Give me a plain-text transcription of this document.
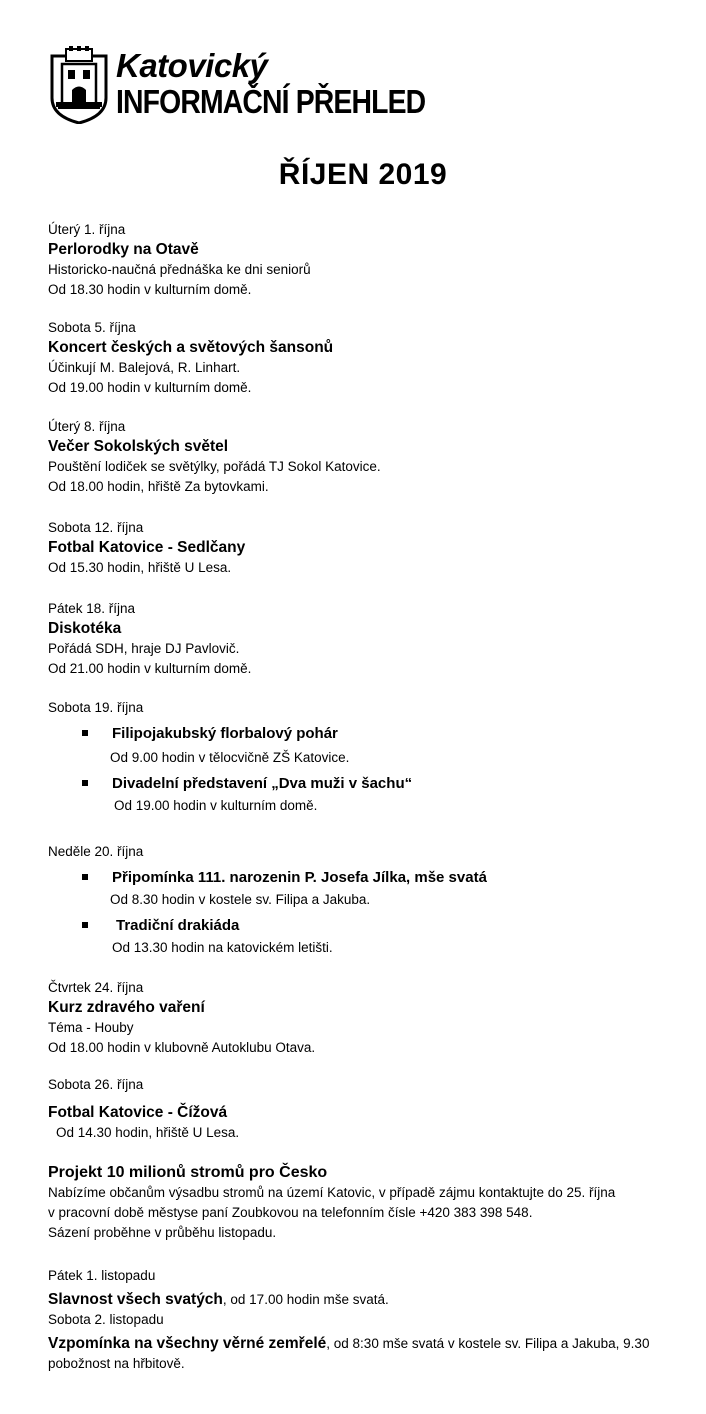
Katovický
INFORMAČNÍ PŘEHLED
ŘÍJEN 2019
Úterý 1. října
Perlorodky na Otavě
Historicko-naučná přednáška ke dni seniorů
Od 18.30 hodin v kulturním domě.
Sobota 5. října
Koncert českých a světových šansonů
Účinkují M. Balejová, R. Linhart.
Od 19.00 hodin v kulturním domě.
Úterý 8. října
Večer Sokolských světel
Pouštění lodiček se světýlky, pořádá TJ Sokol Katovice.
Od 18.00 hodin, hřiště Za bytovkami.
Sobota 12. října
Fotbal Katovice - Sedlčany
Od 15.30 hodin, hřiště U Lesa.
Pátek 18. října
Diskotéka
Pořádá SDH, hraje DJ Pavlovič.
Od 21.00 hodin v kulturním domě.
Sobota 19. října
Filipojakubský florbalový pohár
Od 9.00 hodin v tělocvičně ZŠ Katovice.
Divadelní představení „Dva muži v šachu“
Od 19.00 hodin v kulturním domě.
Neděle 20. října
Připomínka 111. narozenin P. Josefa Jílka, mše svatá
Od 8.30 hodin v kostele sv. Filipa a Jakuba.
Tradiční drakiáda
Od 13.30 hodin na katovickém letišti.
Čtvrtek 24. října
Kurz zdravého vaření
Téma - Houby
Od 18.00 hodin v klubovně Autoklubu Otava.
Sobota 26. října
Fotbal Katovice - Čížová
Od 14.30 hodin, hřiště U Lesa.
Projekt 10 milionů stromů pro Česko
Nabízíme občanům výsadbu stromů na území Katovic, v případě zájmu kontaktujte do 25. října
v pracovní době městyse paní Zoubkovou na telefonním čísle +420 383 398 548.
Sázení proběhne v průběhu listopadu.
Pátek 1. listopadu
Slavnost všech svatých, od 17.00 hodin mše svatá.
Sobota 2. listopadu
Vzpomínka na všechny věrné zemřelé, od 8:30 mše svatá v kostele sv. Filipa a Jakuba, 9.30
pobožnost na hřbitově.
